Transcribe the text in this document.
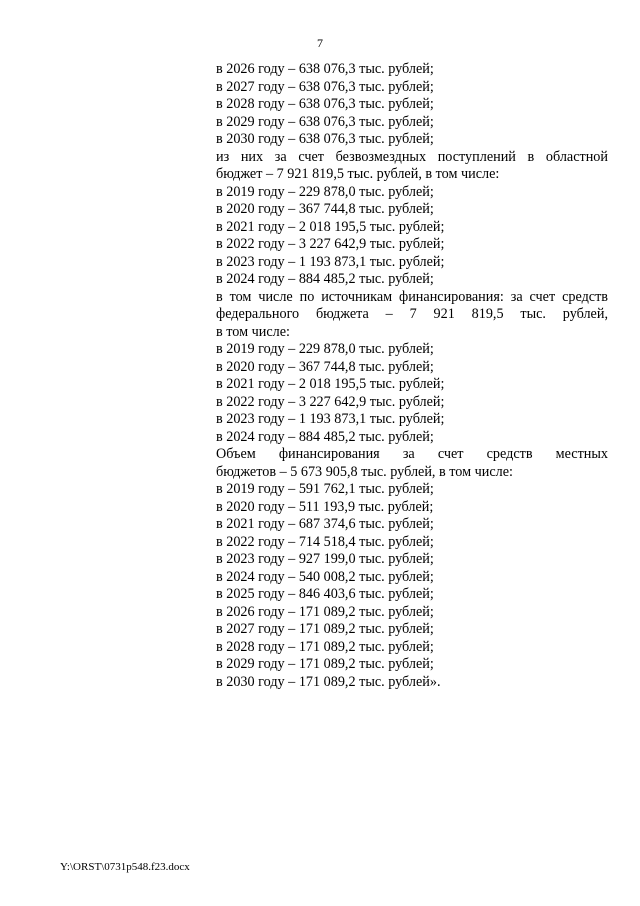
7
в 2026 году – 638 076,3 тыс. рублей;
в 2027 году – 638 076,3 тыс. рублей;
в 2028 году – 638 076,3 тыс. рублей;
в 2029 году – 638 076,3 тыс. рублей;
в 2030 году – 638 076,3 тыс. рублей;
из них за счет безвозмездных поступлений в областной
бюджет – 7 921 819,5 тыс. рублей, в том числе:
в 2019 году – 229 878,0 тыс. рублей;
в 2020 году – 367 744,8 тыс. рублей;
в 2021 году – 2 018 195,5 тыс. рублей;
в 2022 году – 3 227 642,9 тыс. рублей;
в 2023 году – 1 193 873,1 тыс. рублей;
в 2024 году – 884 485,2 тыс. рублей;
в том числе по источникам финансирования: за счет средств
федерального бюджета – 7 921 819,5 тыс. рублей,
в том числе:
в 2019 году – 229 878,0 тыс. рублей;
в 2020 году – 367 744,8 тыс. рублей;
в 2021 году – 2 018 195,5 тыс. рублей;
в 2022 году – 3 227 642,9 тыс. рублей;
в 2023 году – 1 193 873,1 тыс. рублей;
в 2024 году – 884 485,2 тыс. рублей;
Объем финансирования за счет средств местных
бюджетов – 5 673 905,8 тыс. рублей, в том числе:
в 2019 году – 591 762,1 тыс. рублей;
в 2020 году – 511 193,9 тыс. рублей;
в 2021 году – 687 374,6 тыс. рублей;
в 2022 году – 714 518,4 тыс. рублей;
в 2023 году – 927 199,0 тыс. рублей;
в 2024 году – 540 008,2 тыс. рублей;
в 2025 году – 846 403,6 тыс. рублей;
в 2026 году – 171 089,2 тыс. рублей;
в 2027 году – 171 089,2 тыс. рублей;
в 2028 году – 171 089,2 тыс. рублей;
в 2029 году – 171 089,2 тыс. рублей;
в 2030 году – 171 089,2 тыс. рублей».
Y:\ORST\0731p548.f23.docx
